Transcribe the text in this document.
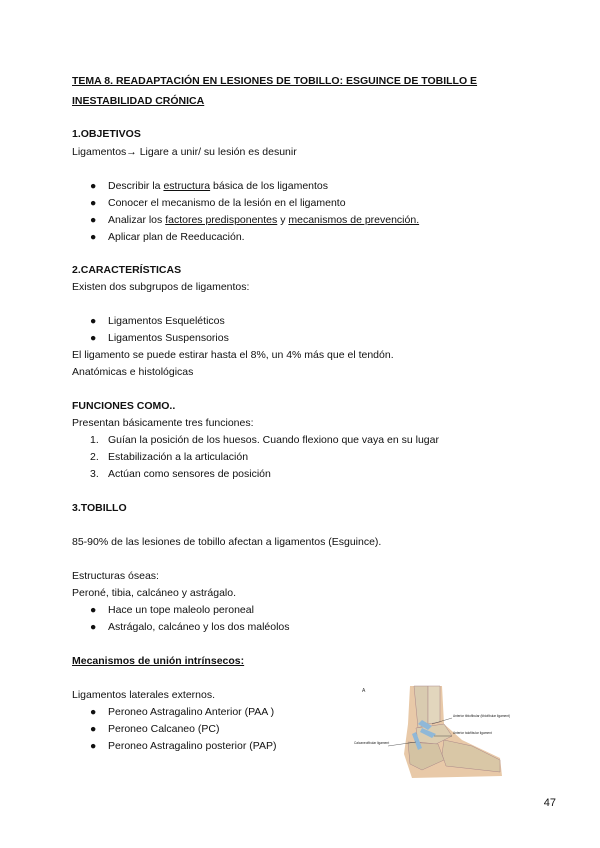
TEMA 8. READAPTACIÓN EN LESIONES DE TOBILLO: ESGUINCE DE TOBILLO E
INESTABILIDAD CRÓNICA
1.OBJETIVOS
Ligamentos→ Ligare a unir/ su lesión es desunir
● Describir la estructura básica de los ligamentos
● Conocer el mecanismo de la lesión en el ligamento
● Analizar los factores predisponentes y mecanismos de prevención.
● Aplicar plan de Reeducación.
2.CARACTERÍSTICAS
Existen dos subgrupos de ligamentos:
● Ligamentos Esqueléticos
● Ligamentos Suspensorios
El ligamento se puede estirar hasta el 8%, un 4% más que el tendón.
Anatómicas e histológicas
FUNCIONES COMO..
Presentan básicamente tres funciones:
1. Guían la posición de los huesos. Cuando flexiono que vaya en su lugar
2. Estabilización a la articulación
3. Actúan como sensores de posición
3.TOBILLO
85-90% de las lesiones de tobillo afectan a ligamentos (Esguince).
Estructuras óseas:
Peroné, tibia, calcáneo y astrágalo.
● Hace un tope maleolo peroneal
● Astrágalo, calcáneo y los dos maléolos
Mecanismos de unión intrínsecos:
Ligamentos laterales externos.
● Peroneo Astragalino Anterior (PAA )
● Peroneo Calcaneo (PC)
● Peroneo Astragalino posterior (PAP)
A
Anterior tibiofibular (tibiofibular ligament)
Anterior talofibular ligament
Calcaneofibular ligament
47
